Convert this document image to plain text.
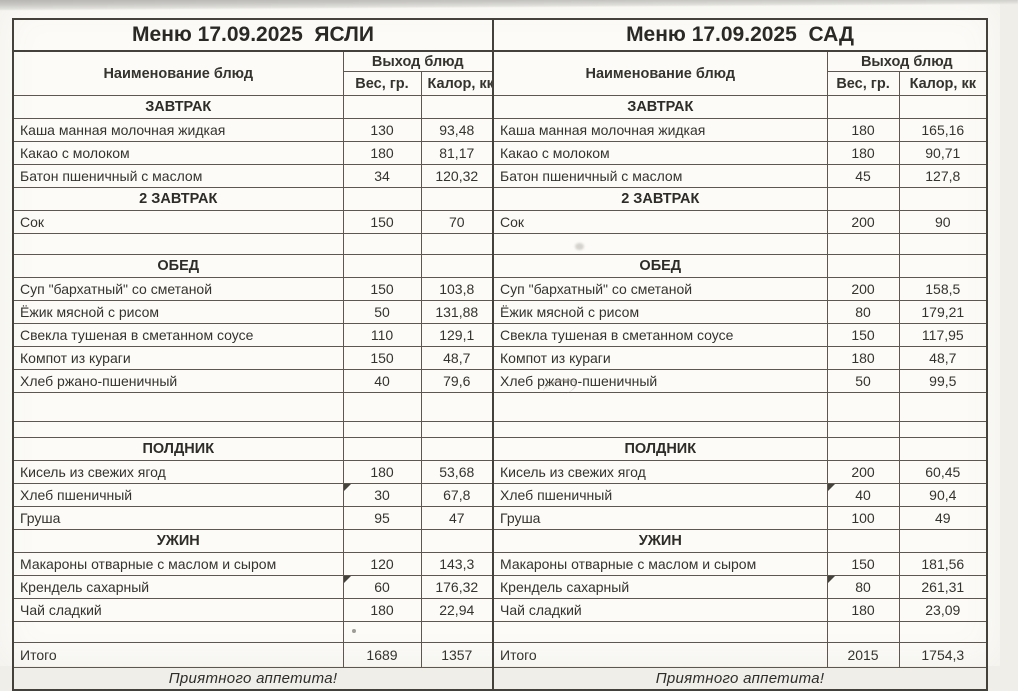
Меню 17.09.2025  ЯСЛИ		
Наименование блюд	Выход блюд	
	Вес, гр.	Калор, кк
ЗАВТРАК		
Каша манная молочная жидкая	130	93,48
Какао с молоком	180	81,17
Батон пшеничный с маслом	34	120,32
2 ЗАВТРАК		
Сок	150	70

ОБЕД		
Суп "бархатный" со сметаной	150	103,8
Ёжик мясной с рисом	50	131,88
Свекла тушеная в сметанном соусе	110	129,1
Компот из кураги	150	48,7
Хлеб ржано-пшеничный	40	79,6

ПОЛДНИК		
Кисель из свежих ягод	180	53,68
Хлеб пшеничный	30	67,8
Груша	95	47
УЖИН		
Макароны отварные с маслом и сыром	120	143,3
Крендель сахарный	60	176,32
Чай сладкий	180	22,94

Итого	1689	1357
Приятного аппетита!		
Меню 17.09.2025  САД		
Наименование блюд	Выход блюд	
	Вес, гр.	Калор, кк
ЗАВТРАК		
Каша манная молочная жидкая	180	165,16
Какао с молоком	180	90,71
Батон пшеничный с маслом	45	127,8
2 ЗАВТРАК		
Сок	200	90

ОБЕД		
Суп "бархатный" со сметаной	200	158,5
Ёжик мясной с рисом	80	179,21
Свекла тушеная в сметанном соусе	150	117,95
Компот из кураги	180	48,7
Хлеб ржано-пшеничный	50	99,5

ПОЛДНИК		
Кисель из свежих ягод	200	60,45
Хлеб пшеничный	40	90,4
Груша	100	49
УЖИН		
Макароны отварные с маслом и сыром	150	181,56
Крендель сахарный	80	261,31
Чай сладкий	180	23,09

Итого	2015	1754,3
Приятного аппетита!		
